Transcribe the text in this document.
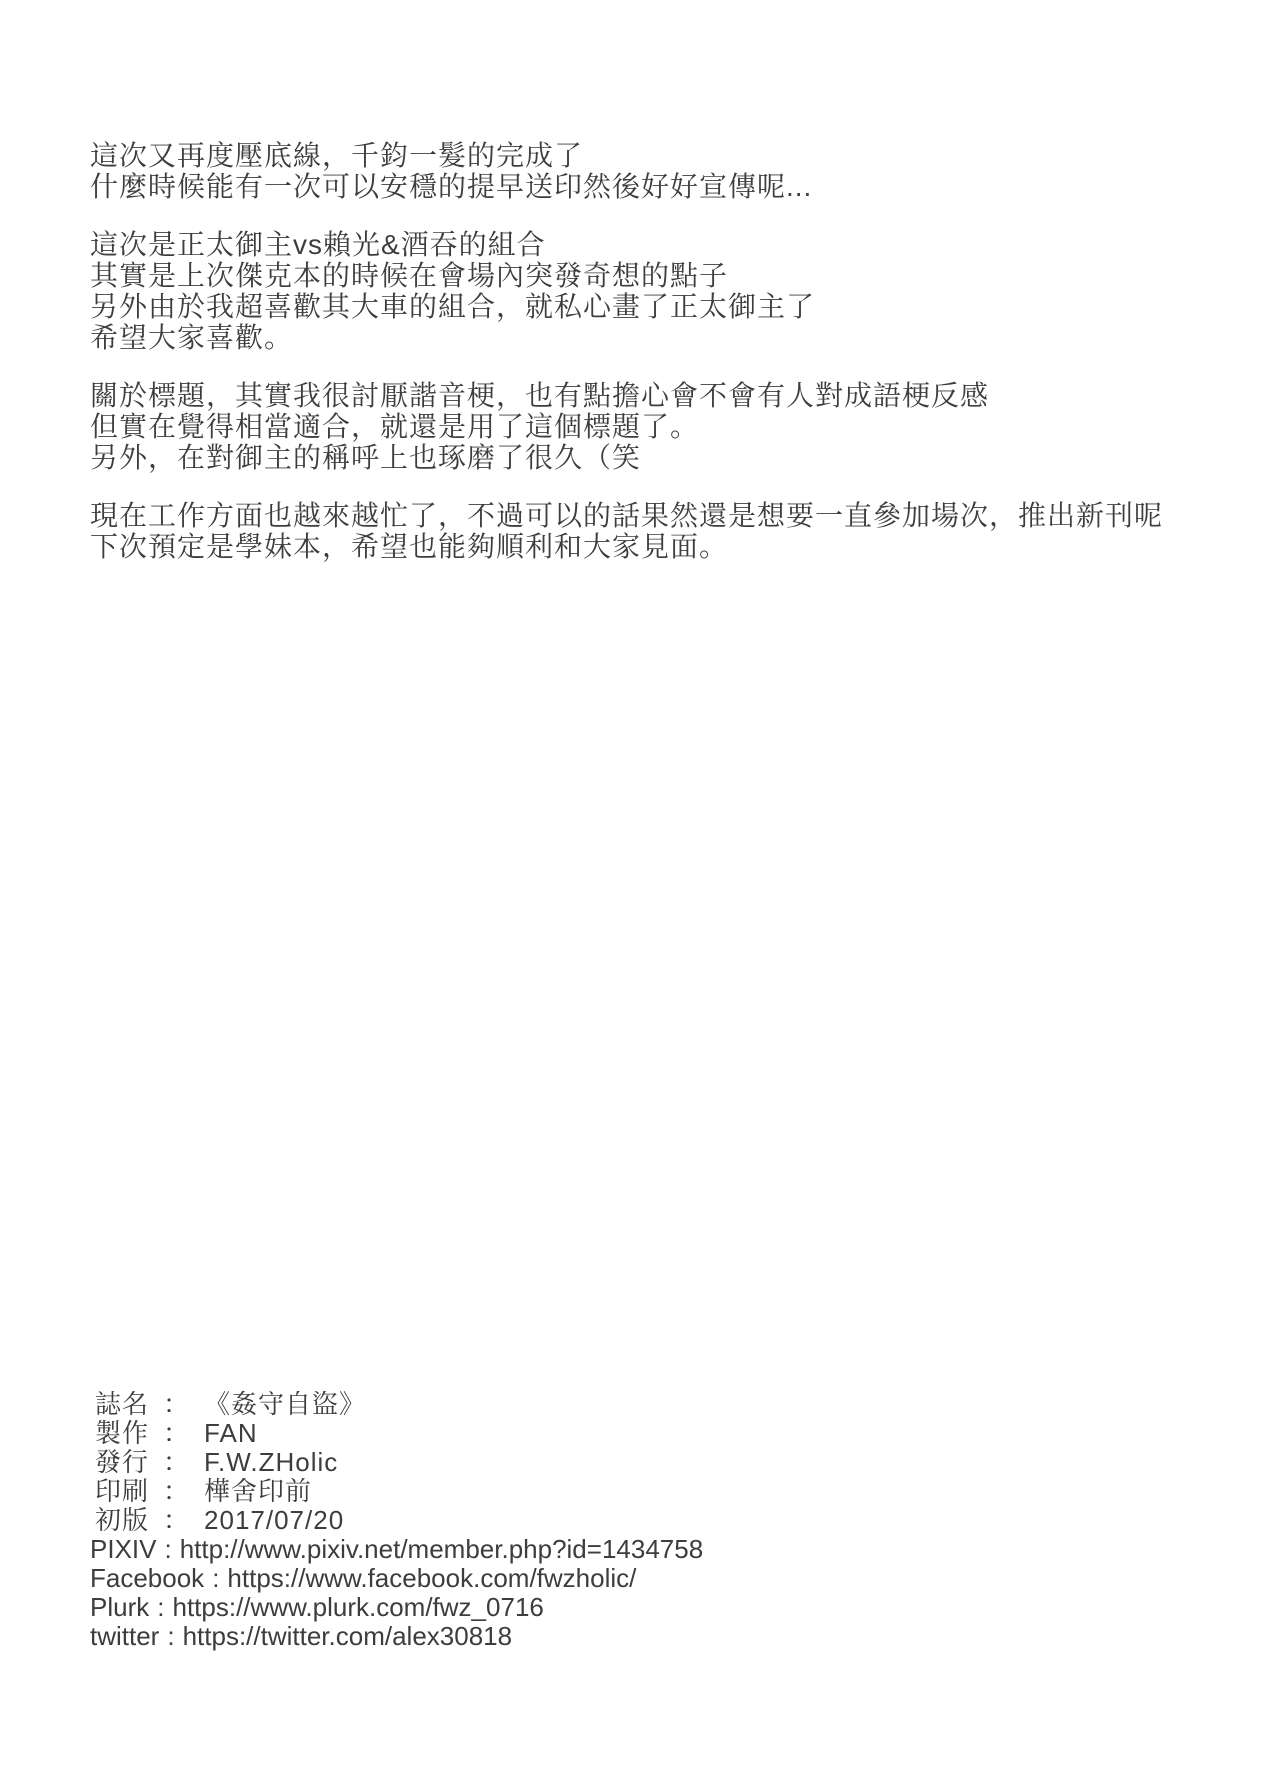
這次又再度壓底線，千鈞一髮的完成了
什麼時候能有一次可以安穩的提早送印然後好好宣傳呢...
這次是正太御主vs賴光&酒吞的組合
其實是上次傑克本的時候在會場內突發奇想的點子
另外由於我超喜歡其大車的組合，就私心畫了正太御主了
希望大家喜歡。
關於標題，其實我很討厭諧音梗，也有點擔心會不會有人對成語梗反感
但實在覺得相當適合，就還是用了這個標題了。
另外，在對御主的稱呼上也琢磨了很久（笑
現在工作方面也越來越忙了，不過可以的話果然還是想要一直參加場次，推出新刊呢
下次預定是學妹本，希望也能夠順利和大家見面。
誌名 ： 《姦守自盜》
製作 ： FAN
發行 ： F.W.ZHolic
印刷 ： 樺舍印前
初版 ： 2017/07/20
PIXIV : http://www.pixiv.net/member.php?id=1434758
Facebook : https://www.facebook.com/fwzholic/
Plurk : https://www.plurk.com/fwz_0716
twitter : https://twitter.com/alex30818
